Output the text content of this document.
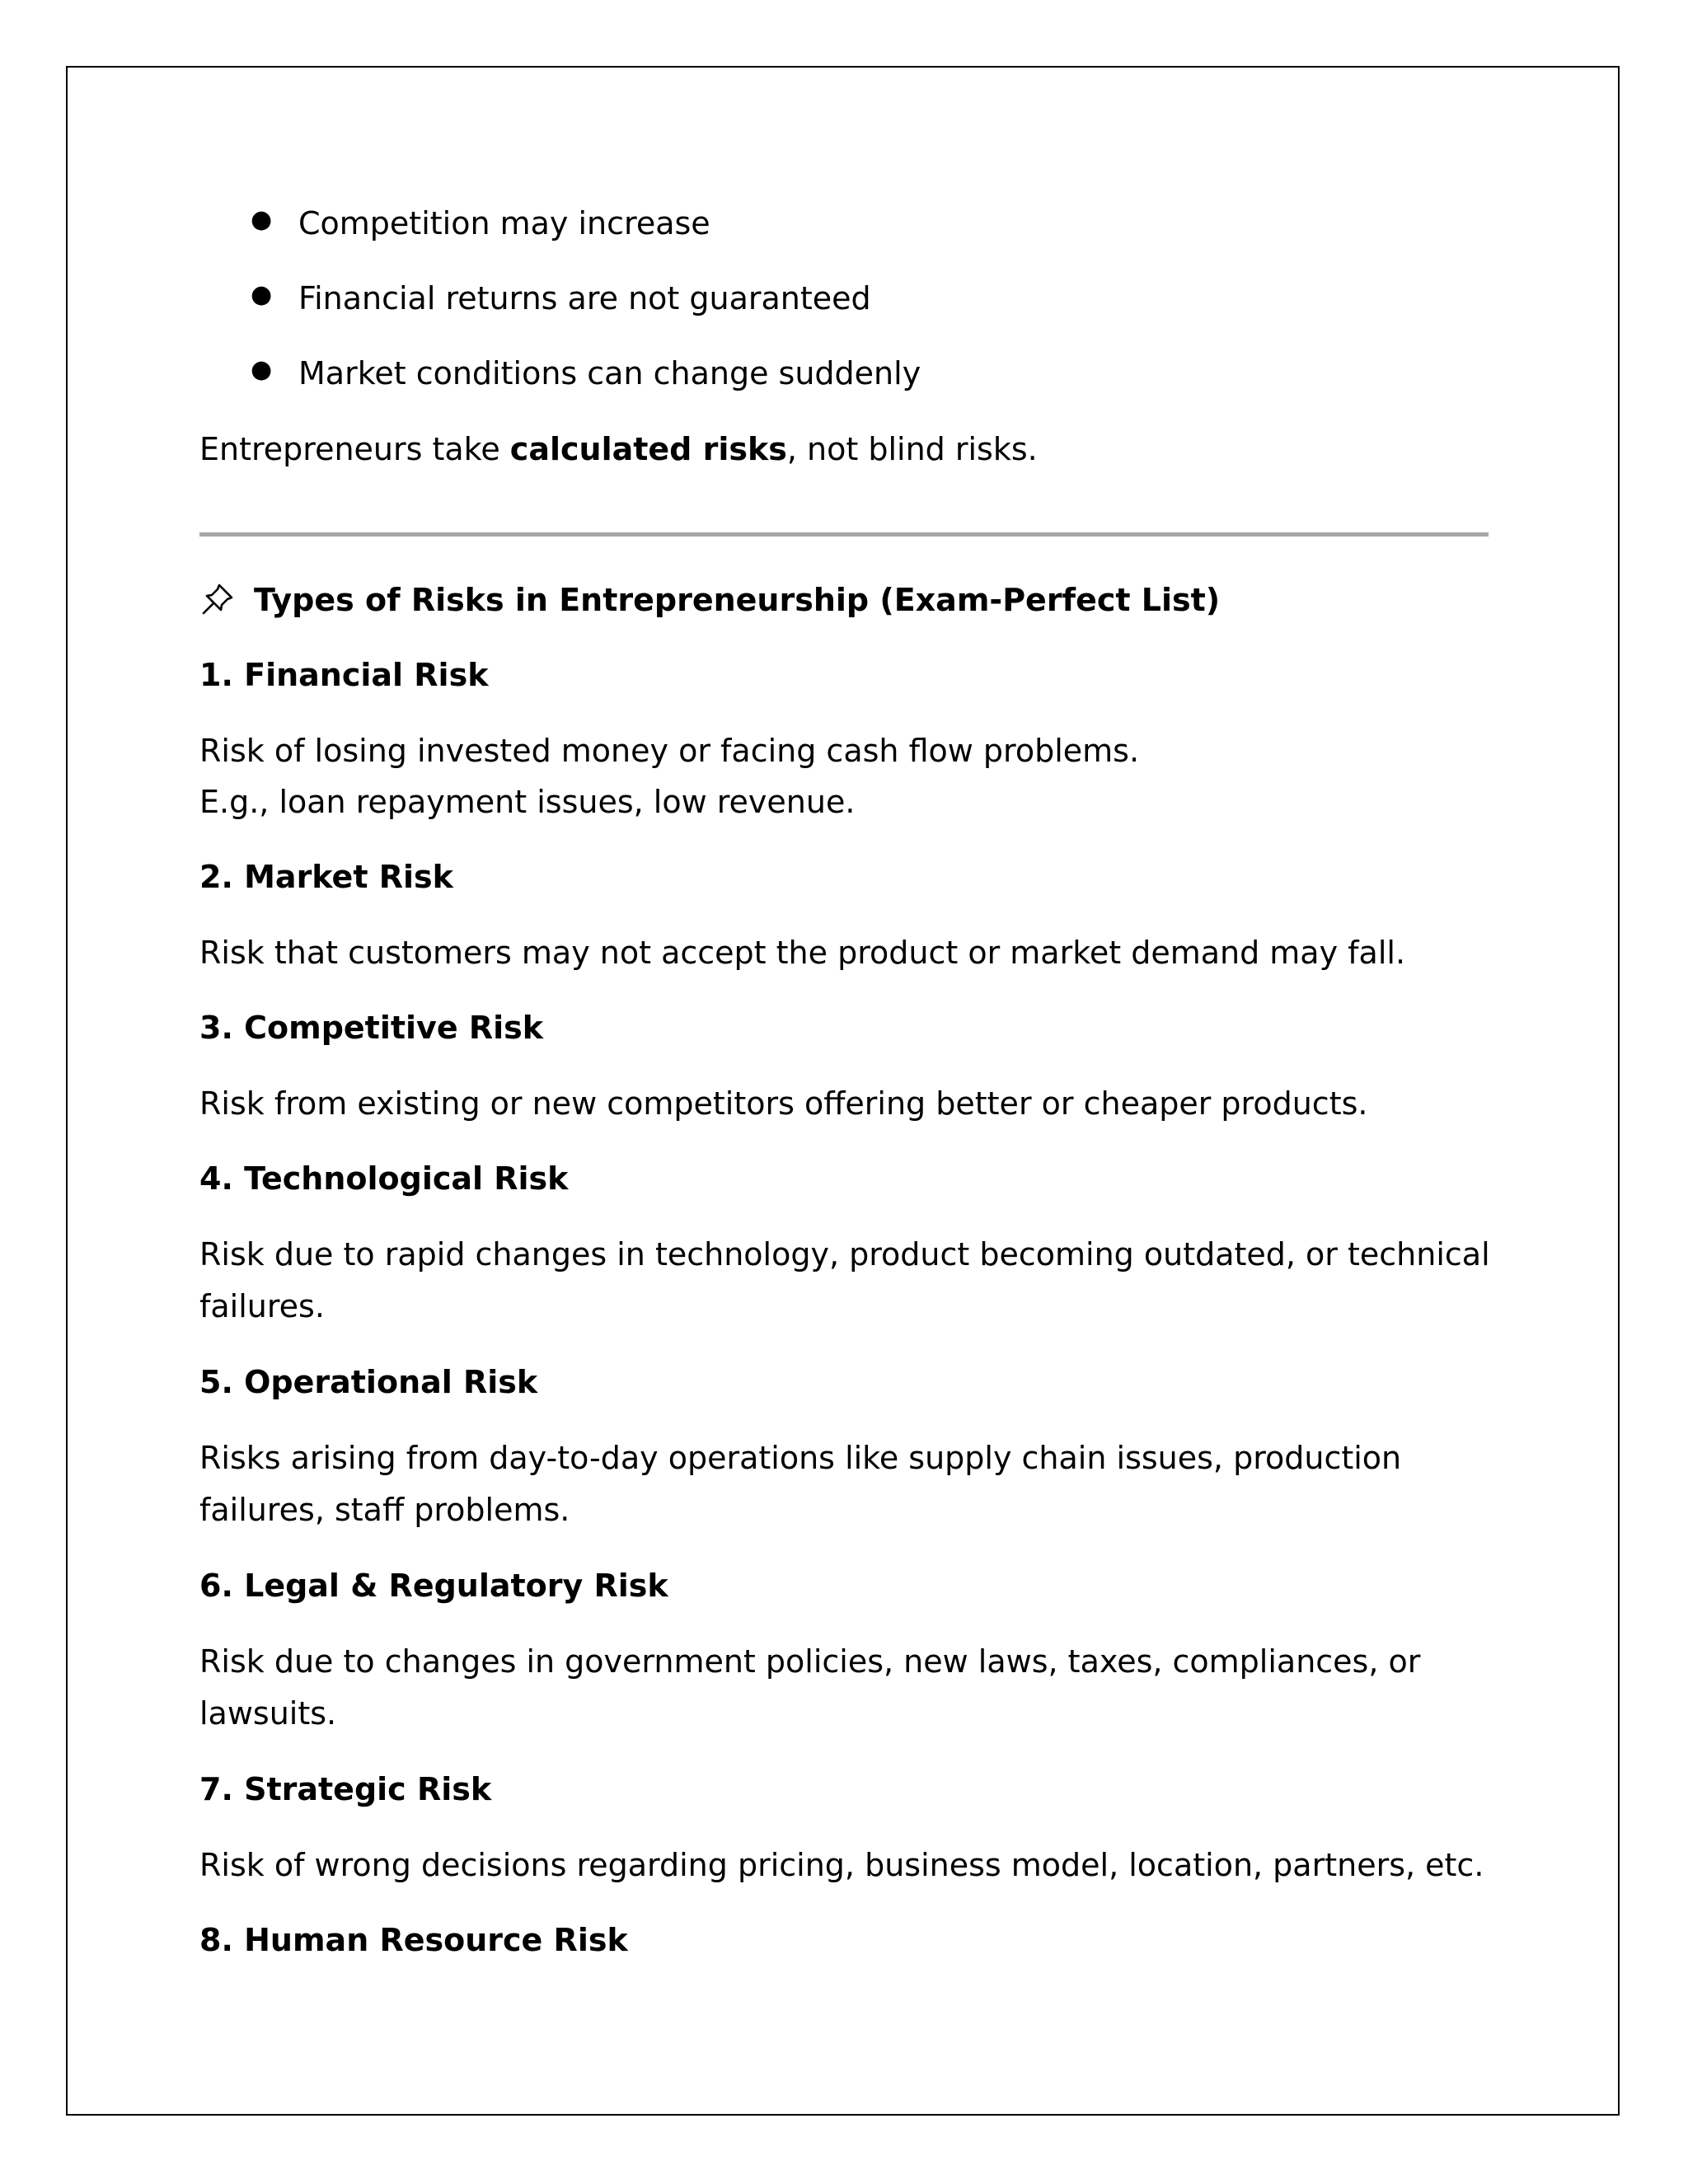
● Competition may increase
● Financial returns are not guaranteed
● Market conditions can change suddenly
Entrepreneurs take calculated risks, not blind risks.
Types of Risks in Entrepreneurship (Exam-Perfect List)
1. Financial Risk
Risk of losing invested money or facing cash flow problems.
E.g., loan repayment issues, low revenue.
2. Market Risk
Risk that customers may not accept the product or market demand may fall.
3. Competitive Risk
Risk from existing or new competitors offering better or cheaper products.
4. Technological Risk
Risk due to rapid changes in technology, product becoming outdated, or technical
failures.
5. Operational Risk
Risks arising from day-to-day operations like supply chain issues, production
failures, staff problems.
6. Legal & Regulatory Risk
Risk due to changes in government policies, new laws, taxes, compliances, or
lawsuits.
7. Strategic Risk
Risk of wrong decisions regarding pricing, business model, location, partners, etc.
8. Human Resource Risk
